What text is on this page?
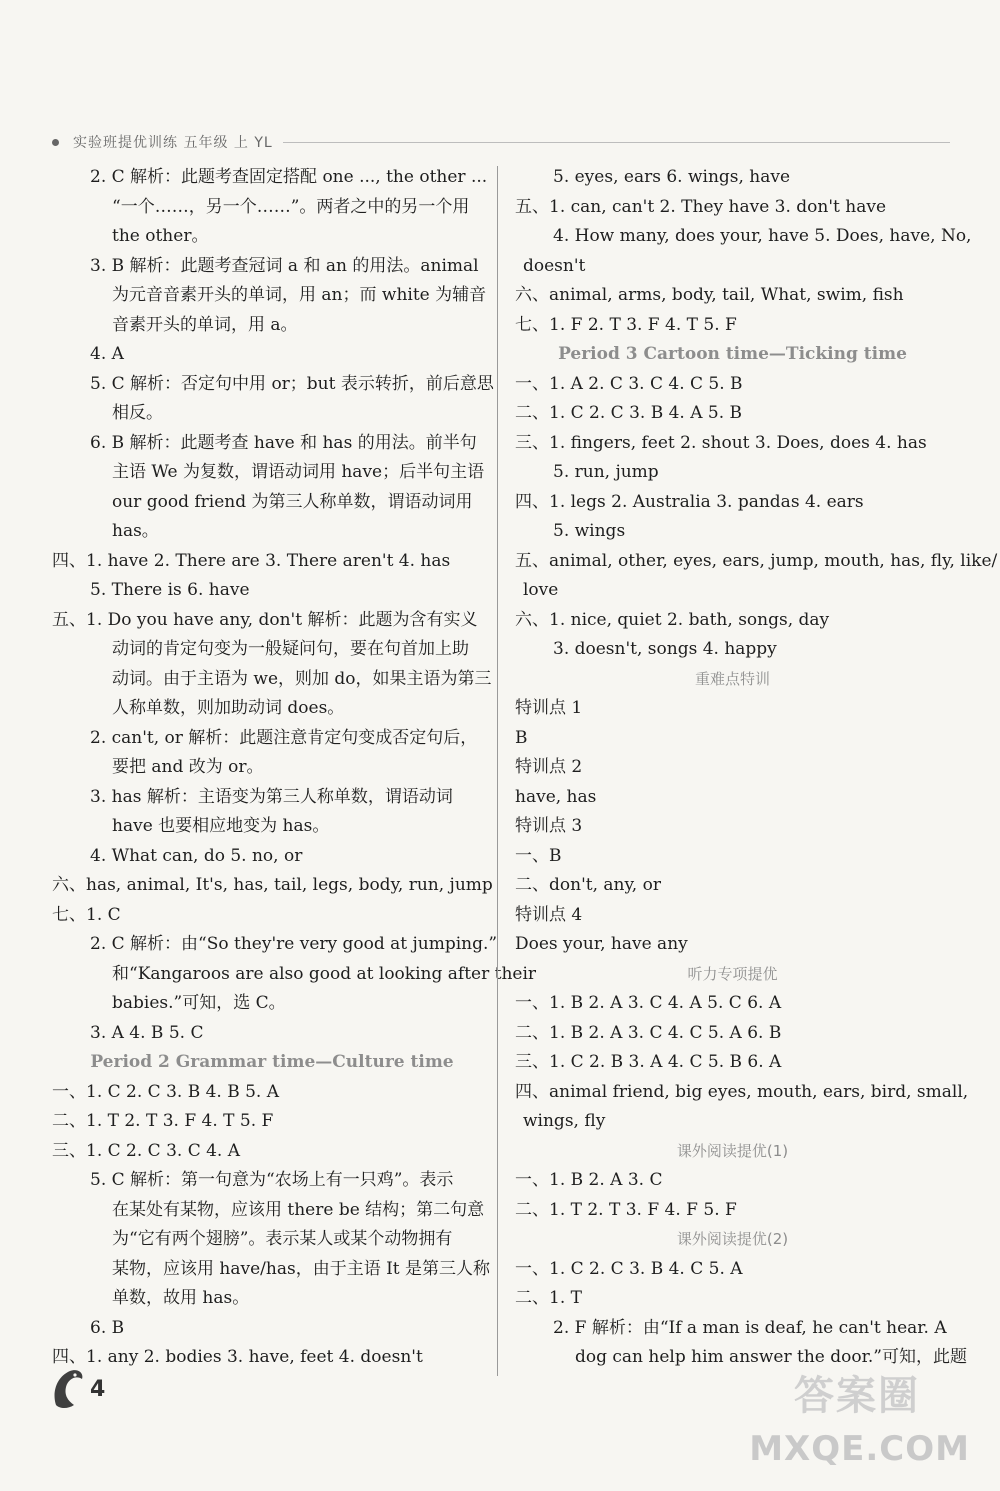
实验班提优训练 五年级 上 YL
2. C 解析：此题考查固定搭配 one ..., the other ...
“一个……，另一个……”。两者之中的另一个用
the other。
3. B 解析：此题考查冠词 a 和 an 的用法。animal
为元音音素开头的单词，用 an；而 white 为辅音
音素开头的单词，用 a。
4. A
5. C 解析：否定句中用 or；but 表示转折，前后意思
相反。
6. B 解析：此题考查 have 和 has 的用法。前半句
主语 We 为复数，谓语动词用 have；后半句主语
our good friend 为第三人称单数，谓语动词用
has。
四、1. have 2. There are 3. There aren't 4. has
5. There is 6. have
五、1. Do you have any, don't 解析：此题为含有实义
动词的肯定句变为一般疑问句，要在句首加上助
动词。由于主语为 we，则加 do，如果主语为第三
人称单数，则加助动词 does。
2. can't, or 解析：此题注意肯定句变成否定句后，
要把 and 改为 or。
3. has 解析：主语变为第三人称单数，谓语动词
have 也要相应地变为 has。
4. What can, do 5. no, or
六、has, animal, It's, has, tail, legs, body, run, jump
七、1. C
2. C 解析：由“So they're very good at jumping.”
和“Kangaroos are also good at looking after their
babies.”可知，选 C。
3. A 4. B 5. C
Period 2 Grammar time—Culture time
一、1. C 2. C 3. B 4. B 5. A
二、1. T 2. T 3. F 4. T 5. F
三、1. C 2. C 3. C 4. A
5. C 解析：第一句意为“农场上有一只鸡”。表示
在某处有某物，应该用 there be 结构；第二句意
为“它有两个翅膀”。表示某人或某个动物拥有
某物，应该用 have/has，由于主语 It 是第三人称
单数，故用 has。
6. B
四、1. any 2. bodies 3. have, feet 4. doesn't
5. eyes, ears 6. wings, have
五、1. can, can't 2. They have 3. don't have
4. How many, does your, have 5. Does, have, No,
doesn't
六、animal, arms, body, tail, What, swim, fish
七、1. F 2. T 3. F 4. T 5. F
Period 3 Cartoon time—Ticking time
一、1. A 2. C 3. C 4. C 5. B
二、1. C 2. C 3. B 4. A 5. B
三、1. fingers, feet 2. shout 3. Does, does 4. has
5. run, jump
四、1. legs 2. Australia 3. pandas 4. ears
5. wings
五、animal, other, eyes, ears, jump, mouth, has, fly, like/
love
六、1. nice, quiet 2. bath, songs, day
3. doesn't, songs 4. happy
重难点特训
特训点 1
B
特训点 2
have, has
特训点 3
一、B
二、don't, any, or
特训点 4
Does your, have any
听力专项提优
一、1. B 2. A 3. C 4. A 5. C 6. A
二、1. B 2. A 3. C 4. C 5. A 6. B
三、1. C 2. B 3. A 4. C 5. B 6. A
四、animal friend, big eyes, mouth, ears, bird, small,
wings, fly
课外阅读提优(1)
一、1. B 2. A 3. C
二、1. T 2. T 3. F 4. F 5. F
课外阅读提优(2)
一、1. C 2. C 3. B 4. C 5. A
二、1. T
2. F 解析：由“If a man is deaf, he can't hear. A
dog can help him answer the door.”可知，此题
4	答案圈
MXQE.COM
